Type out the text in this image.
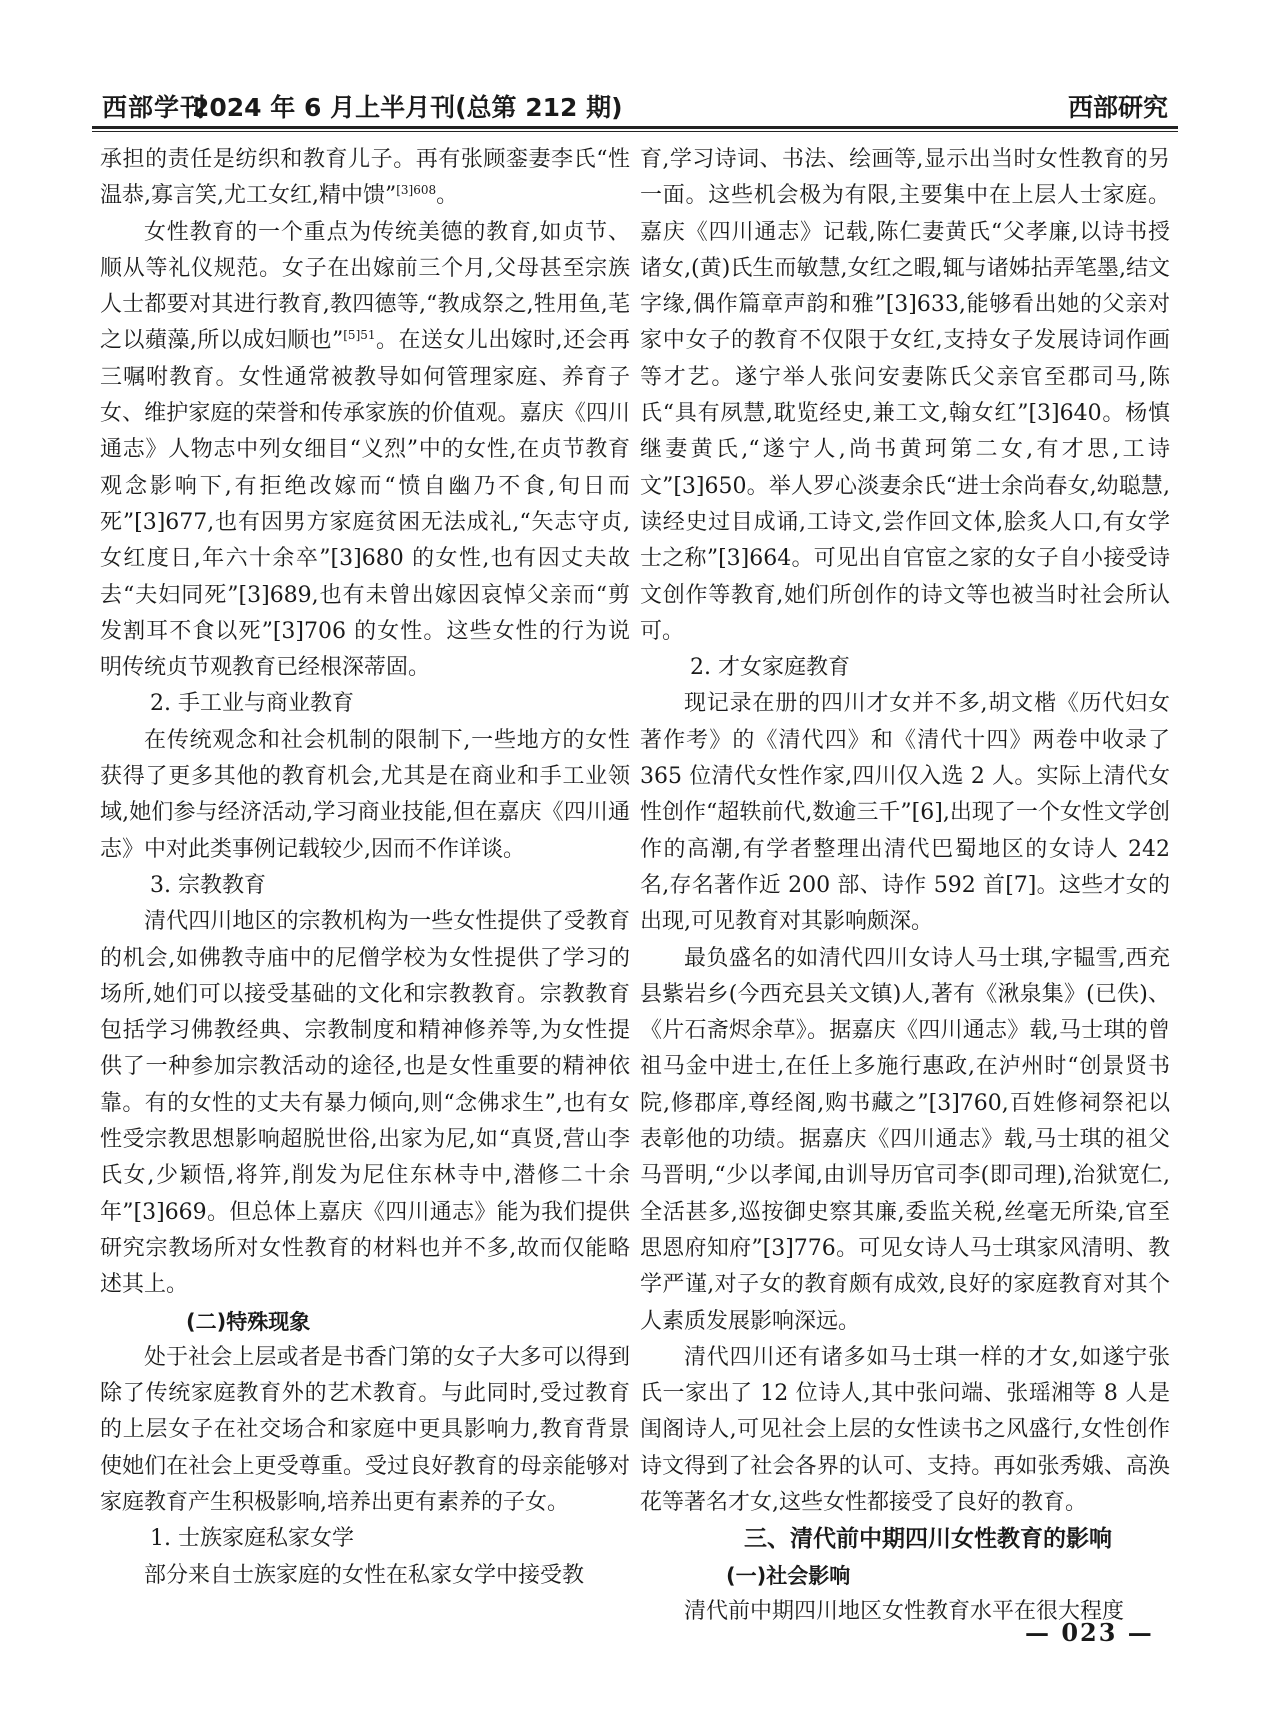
西部学刊
2024 年 6 月上半月刊(总第 212 期)	西部研究

承担的责任是纺织和教育儿子。再有张顾銮妻李氏“性温恭,寡言笑,尤工女红,精中馈”$^{[3]608}$。

女性教育的一个重点为传统美德的教育,如贞节、顺从等礼仪规范。女子在出嫁前三个月,父母甚至宗族人士都要对其进行教育,教四德等,“教成祭之,牲用鱼,芼之以蘋藻,所以成妇顺也”$^{[5]51}$。在送女儿出嫁时,还会再三嘱咐教育。女性通常被教导如何管理家庭、养育子女、维护家庭的荣誉和传承家族的价值观。嘉庆《四川通志》人物志中列女细目“义烈”中的女性,在贞节教育观念影响下,有拒绝改嫁而“愤自幽乃不食,旬日而死”[3]677,也有因男方家庭贫困无法成礼,“矢志守贞,女红度日,年六十余卒”[3]680 的女性,也有因丈夫故去“夫妇同死”[3]689,也有未曾出嫁因哀悼父亲而“剪发割耳不食以死”[3]706 的女性。这些女性的行为说明传统贞节观教育已经根深蒂固。

2. 手工业与商业教育

在传统观念和社会机制的限制下,一些地方的女性获得了更多其他的教育机会,尤其是在商业和手工业领域,她们参与经济活动,学习商业技能,但在嘉庆《四川通志》中对此类事例记载较少,因而不作详谈。

3. 宗教教育

清代四川地区的宗教机构为一些女性提供了受教育的机会,如佛教寺庙中的尼僧学校为女性提供了学习的场所,她们可以接受基础的文化和宗教教育。宗教教育包括学习佛教经典、宗教制度和精神修养等,为女性提供了一种参加宗教活动的途径,也是女性重要的精神依靠。有的女性的丈夫有暴力倾向,则“念佛求生”,也有女性受宗教思想影响超脱世俗,出家为尼,如“真贤,营山李氏女,少颖悟,将笄,削发为尼住东林寺中,潜修二十余年”[3]669。但总体上嘉庆《四川通志》能为我们提供研究宗教场所对女性教育的材料也并不多,故而仅能略述其上。

(二)特殊现象

处于社会上层或者是书香门第的女子大多可以得到除了传统家庭教育外的艺术教育。与此同时,受过教育的上层女子在社交场合和家庭中更具影响力,教育背景使她们在社会上更受尊重。受过良好教育的母亲能够对家庭教育产生积极影响,培养出更有素养的子女。

1. 士族家庭私家女学

部分来自士族家庭的女性在私家女学中接受教

育,学习诗词、书法、绘画等,显示出当时女性教育的另一面。这些机会极为有限,主要集中在上层人士家庭。嘉庆《四川通志》记载,陈仁妻黄氏“父孝廉,以诗书授诸女,(黄)氏生而敏慧,女红之暇,辄与诸姊拈弄笔墨,结文字缘,偶作篇章声韵和雅”[3]633,能够看出她的父亲对家中女子的教育不仅限于女红,支持女子发展诗词作画等才艺。遂宁举人张问安妻陈氏父亲官至郡司马,陈氏“具有夙慧,耽览经史,兼工文,翰女红”[3]640。杨慎继妻黄氏,“遂宁人,尚书黄珂第二女,有才思,工诗文”[3]650。举人罗心淡妻余氏“进士余尚春女,幼聪慧,读经史过目成诵,工诗文,尝作回文体,脍炙人口,有女学士之称”[3]664。可见出自官宦之家的女子自小接受诗文创作等教育,她们所创作的诗文等也被当时社会所认可。

2. 才女家庭教育

现记录在册的四川才女并不多,胡文楷《历代妇女著作考》的《清代四》和《清代十四》两卷中收录了365 位清代女性作家,四川仅入选 2 人。实际上清代女性创作“超轶前代,数逾三千”[6],出现了一个女性文学创作的高潮,有学者整理出清代巴蜀地区的女诗人 242 名,存名著作近 200 部、诗作 592 首[7]。这些才女的出现,可见教育对其影响颇深。

最负盛名的如清代四川女诗人马士琪,字韫雪,西充县紫岩乡(今西充县关文镇)人,著有《湫泉集》(已佚)、《片石斋烬余草》。据嘉庆《四川通志》载,马士琪的曾祖马金中进士,在任上多施行惠政,在泸州时“创景贤书院,修郡庠,尊经阁,购书藏之”[3]760,百姓修祠祭祀以表彰他的功绩。据嘉庆《四川通志》载,马士琪的祖父马晋明,“少以孝闻,由训导历官司李(即司理),治狱宽仁,全活甚多,巡按御史察其廉,委监关税,丝毫无所染,官至思恩府知府”[3]776。可见女诗人马士琪家风清明、教学严谨,对子女的教育颇有成效,良好的家庭教育对其个人素质发展影响深远。

清代四川还有诸多如马士琪一样的才女,如遂宁张氏一家出了 12 位诗人,其中张问端、张瑶湘等 8 人是闺阁诗人,可见社会上层的女性读书之风盛行,女性创作诗文得到了社会各界的认可、支持。再如张秀娥、高涣花等著名才女,这些女性都接受了良好的教育。

三、清代前中期四川女性教育的影响

(一)社会影响

清代前中期四川地区女性教育水平在很大程度

— 023 —
